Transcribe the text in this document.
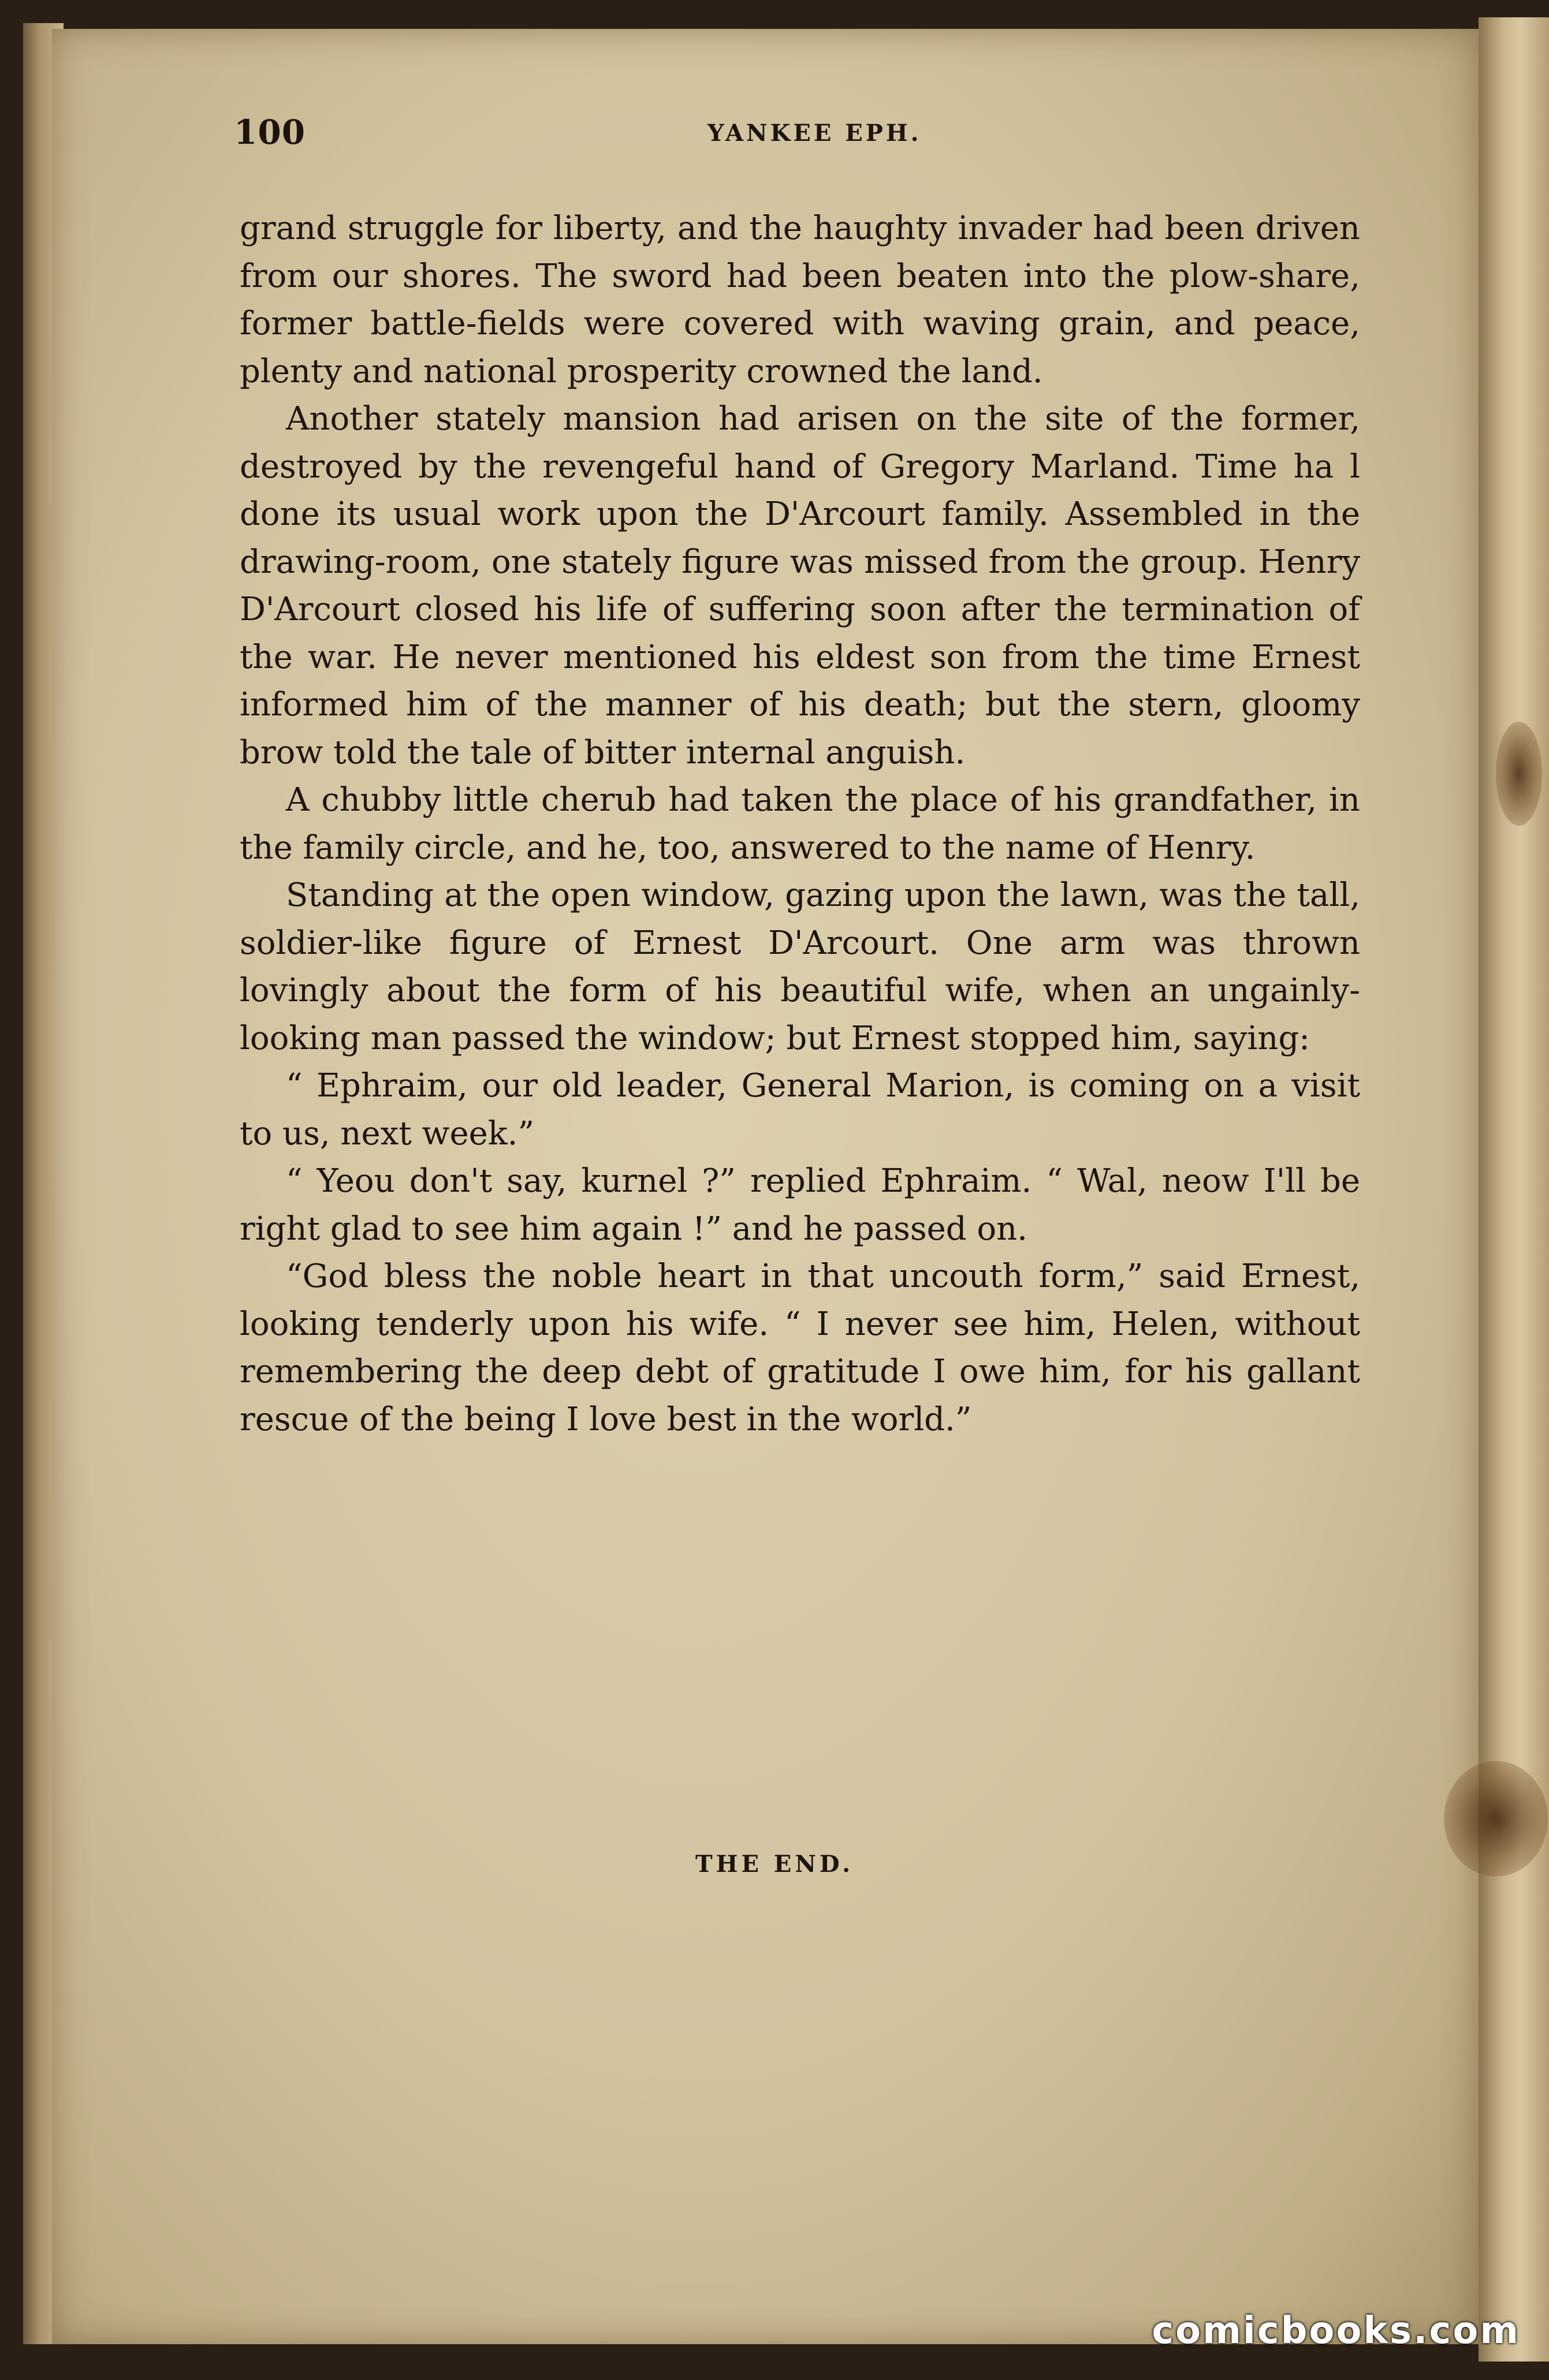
100	YANKEE EPH.

grand struggle for liberty, and the haughty invader had been driven from our shores. The sword had been beaten into the plow-share, former battle-fields were covered with waving grain, and peace, plenty and national prosperity crowned the land.

Another stately mansion had arisen on the site of the former, destroyed by the revengeful hand of Gregory Marland. Time ha l done its usual work upon the D'Arcourt family. Assembled in the drawing-room, one stately figure was missed from the group. Henry D'Arcourt closed his life of suffering soon after the termination of the war. He never mentioned his eldest son from the time Ernest informed him of the manner of his death; but the stern, gloomy brow told the tale of bitter internal anguish.

A chubby little cherub had taken the place of his grandfather, in the family circle, and he, too, answered to the name of Henry.

Standing at the open window, gazing upon the lawn, was the tall, soldier-like figure of Ernest D'Arcourt. One arm was thrown lovingly about the form of his beautiful wife, when an ungainly-looking man passed the window; but Ernest stopped him, saying:

“ Ephraim, our old leader, General Marion, is coming on a visit to us, next week.”

“ Yeou don't say, kurnel ?” replied Ephraim. “ Wal, neow I'll be right glad to see him again !” and he passed on.

“God bless the noble heart in that uncouth form,” said Ernest, looking tenderly upon his wife. “ I never see him, Helen, without remembering the deep debt of gratitude I owe him, for his gallant rescue of the being I love best in the world.”

THE END.
comicbooks.com
